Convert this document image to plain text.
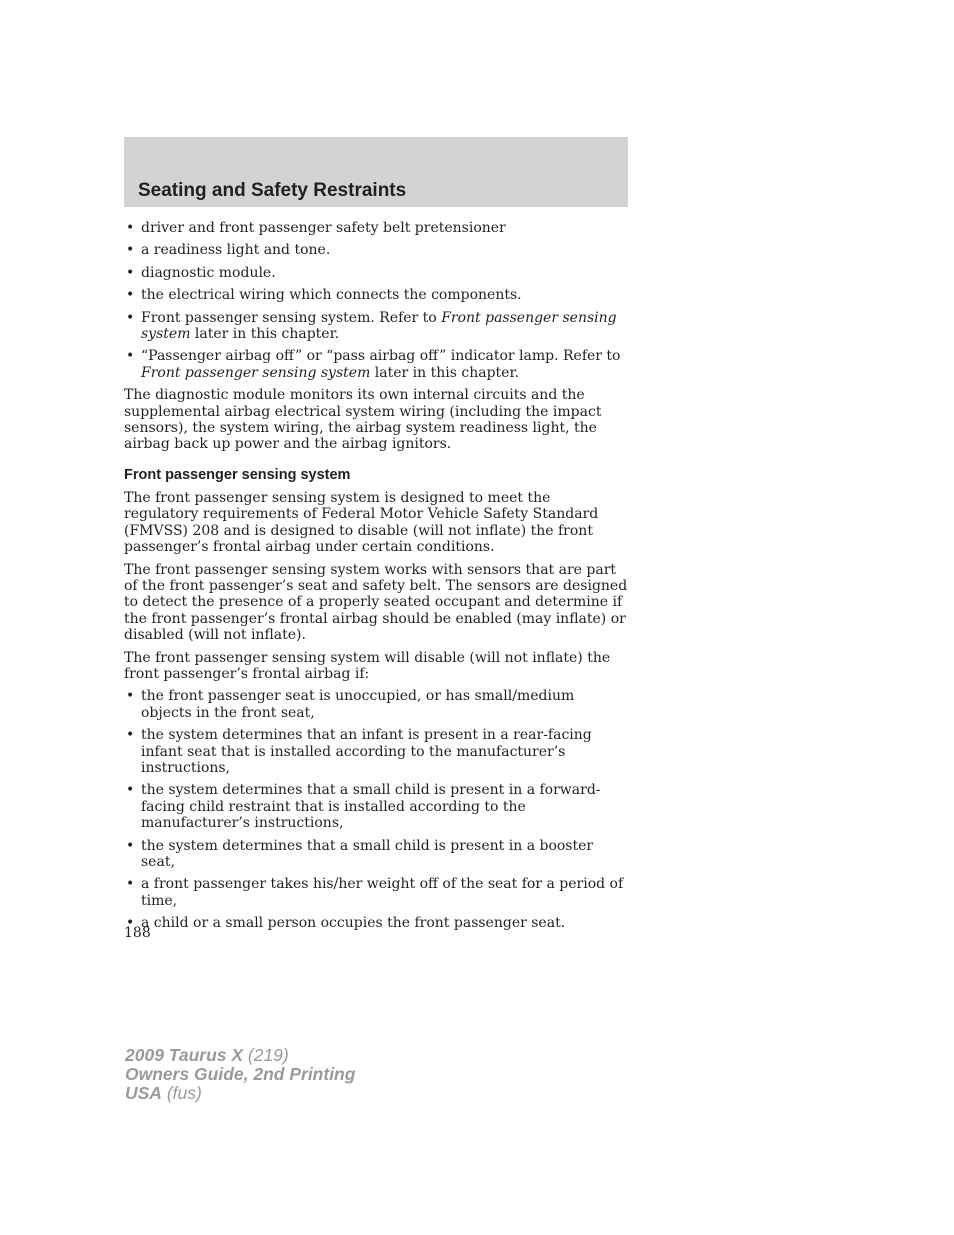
Seating and Safety Restraints
• driver and front passenger safety belt pretensioner
• a readiness light and tone.
• diagnostic module.
• the electrical wiring which connects the components.
• Front passenger sensing system. Refer to Front passenger sensing system later in this chapter.
• “Passenger airbag off” or “pass airbag off” indicator lamp. Refer to Front passenger sensing system later in this chapter.

The diagnostic module monitors its own internal circuits and the supplemental airbag electrical system wiring (including the impact sensors), the system wiring, the airbag system readiness light, the airbag back up power and the airbag ignitors.

Front passenger sensing system

The front passenger sensing system is designed to meet the regulatory requirements of Federal Motor Vehicle Safety Standard (FMVSS) 208 and is designed to disable (will not inflate) the front passenger’s frontal airbag under certain conditions.

The front passenger sensing system works with sensors that are part of the front passenger’s seat and safety belt. The sensors are designed to detect the presence of a properly seated occupant and determine if the front passenger’s frontal airbag should be enabled (may inflate) or disabled (will not inflate).

The front passenger sensing system will disable (will not inflate) the front passenger’s frontal airbag if:

• the front passenger seat is unoccupied, or has small/medium objects in the front seat,
• the system determines that an infant is present in a rear-facing infant seat that is installed according to the manufacturer’s instructions,
• the system determines that a small child is present in a forward-facing child restraint that is installed according to the manufacturer’s instructions,
• the system determines that a small child is present in a booster seat,
• a front passenger takes his/her weight off of the seat for a period of time,
• a child or a small person occupies the front passenger seat.
188
2009 Taurus X (219)
Owners Guide, 2nd Printing
USA (fus)
